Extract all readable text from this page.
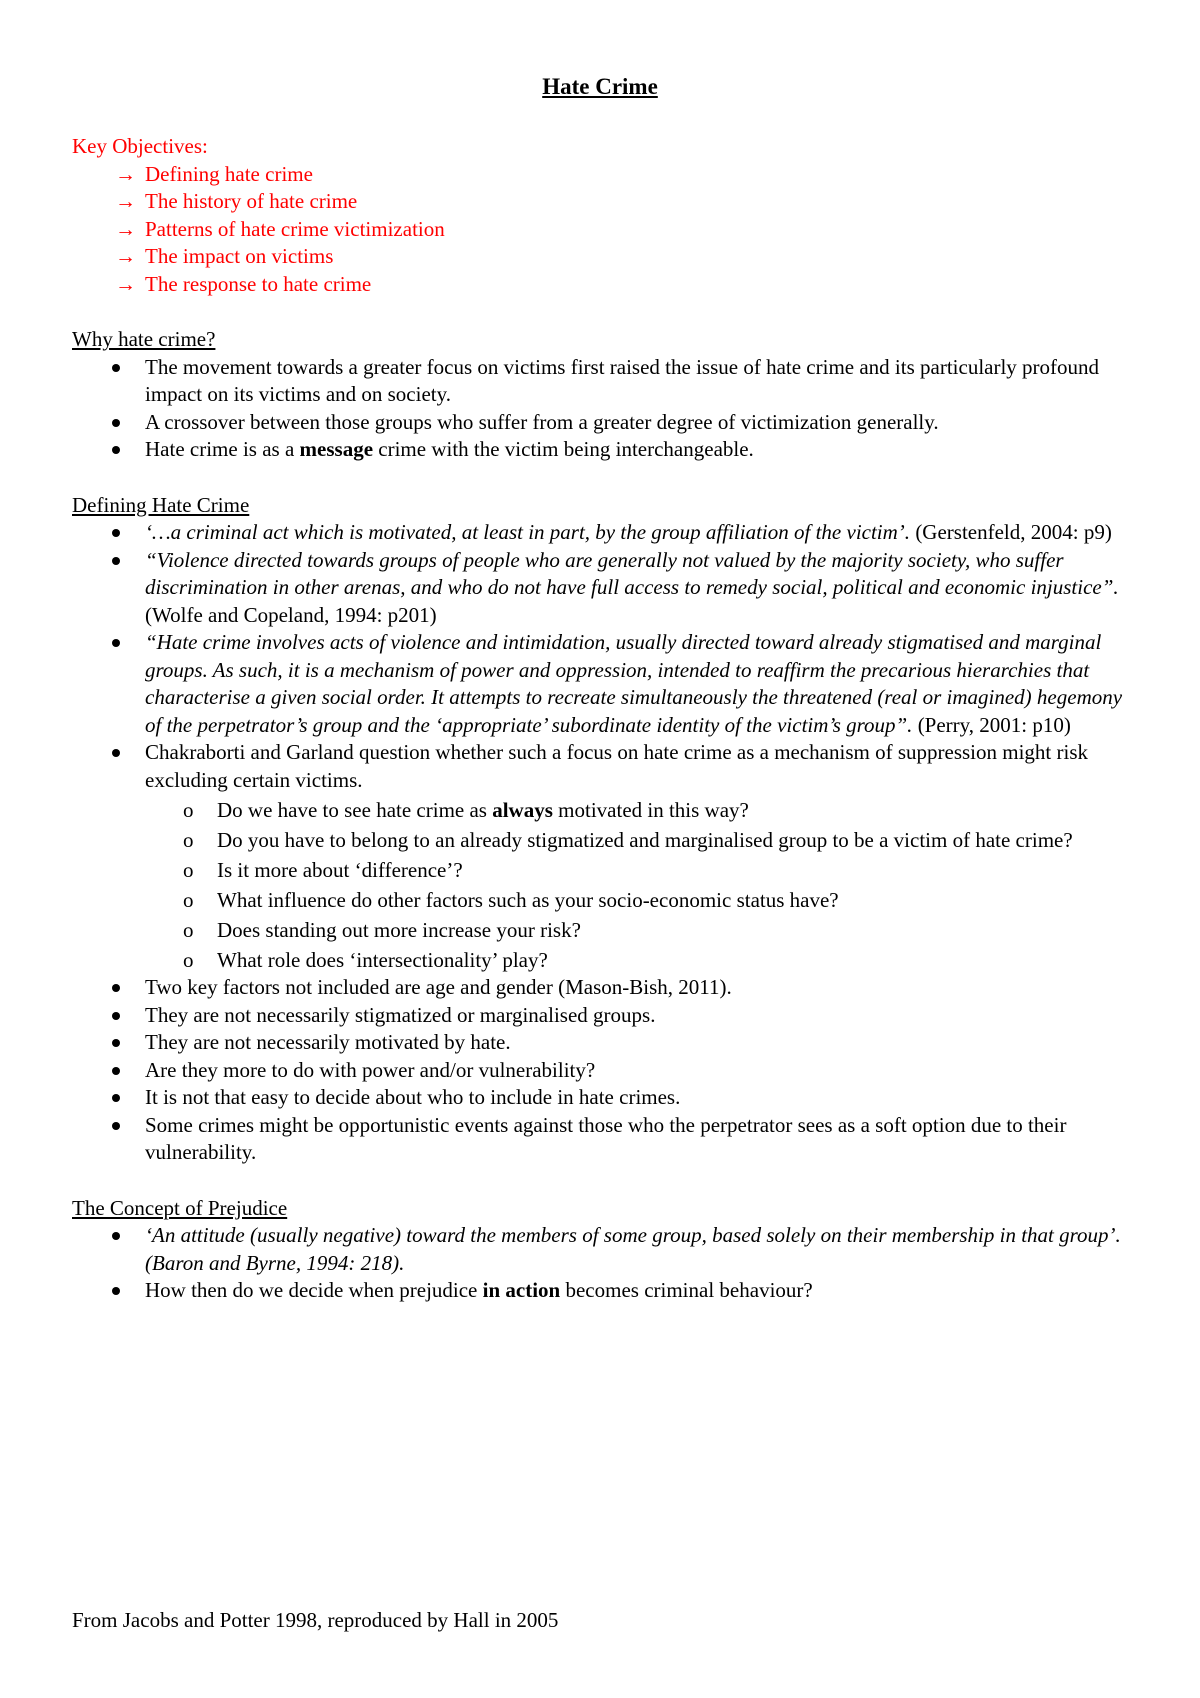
Hate Crime
Key Objectives:
→ Defining hate crime
→ The history of hate crime
→ Patterns of hate crime victimization
→ The impact on victims
→ The response to hate crime
Why hate crime?
The movement towards a greater focus on victims first raised the issue of hate crime and its particularly profound impact on its victims and on society.
A crossover between those groups who suffer from a greater degree of victimization generally.
Hate crime is as a message crime with the victim being interchangeable.
Defining Hate Crime
‘…a criminal act which is motivated, at least in part, by the group affiliation of the victim’. (Gerstenfeld, 2004: p9)
“Violence directed towards groups of people who are generally not valued by the majority society, who suffer discrimination in other arenas, and who do not have full access to remedy social, political and economic injustice”. (Wolfe and Copeland, 1994: p201)
“Hate crime involves acts of violence and intimidation, usually directed toward already stigmatised and marginal groups. As such, it is a mechanism of power and oppression, intended to reaffirm the precarious hierarchies that characterise a given social order. It attempts to recreate simultaneously the threatened (real or imagined) hegemony of the perpetrator’s group and the ‘appropriate’ subordinate identity of the victim’s group”. (Perry, 2001: p10)
Chakraborti and Garland question whether such a focus on hate crime as a mechanism of suppression might risk excluding certain victims.
o Do we have to see hate crime as always motivated in this way?
o Do you have to belong to an already stigmatized and marginalised group to be a victim of hate crime?
o Is it more about ‘difference’?
o What influence do other factors such as your socio-economic status have?
o Does standing out more increase your risk?
o What role does ‘intersectionality’ play?
Two key factors not included are age and gender (Mason-Bish, 2011).
They are not necessarily stigmatized or marginalised groups.
They are not necessarily motivated by hate.
Are they more to do with power and/or vulnerability?
It is not that easy to decide about who to include in hate crimes.
Some crimes might be opportunistic events against those who the perpetrator sees as a soft option due to their vulnerability.
The Concept of Prejudice
‘An attitude (usually negative) toward the members of some group, based solely on their membership in that group’. (Baron and Byrne, 1994: 218).
How then do we decide when prejudice in action becomes criminal behaviour?
From Jacobs and Potter 1998, reproduced by Hall in 2005
